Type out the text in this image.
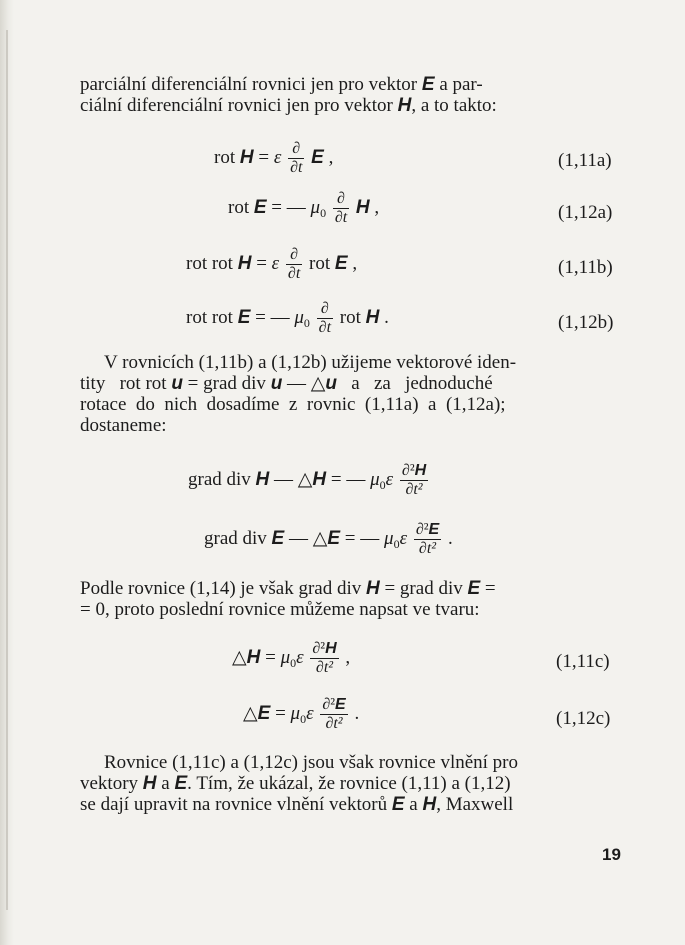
parciální diferenciální rovnici jen pro vektor E a par-
ciální diferenciální rovnici jen pro vektor H, a to takto:
rot H = ε $\frac{\partial}{\partial t}$ E ,	(1,11a)
rot E = — $\mu_0 \frac{\partial}{\partial t}$ H ,	(1,12a)
rot rot H = ε $\frac{\partial}{\partial t}$ rot E ,	(1,11b)
rot rot E = — $\mu_0 \frac{\partial}{\partial t}$ rot H .	(1,12b)
V rovnicích (1,11b) a (1,12b) užijeme vektorové iden-
tity   rot rot u = grad div u — △u   a   za   jednoduché
rotace  do  nich  dosadíme  z  rovnic  (1,11a)  a  (1,12a);
dostaneme:
grad div H — △H = — $\mu_0\varepsilon \frac{\text{∂²H}}{\text{∂t²}}$
grad div E — △E = — $\mu_0\varepsilon \frac{\text{∂²E}}{\text{∂t²}}$ .
Podle rovnice (1,14) je však grad div H = grad div E =
= 0, proto poslední rovnice můžeme napsat ve tvaru:
△H = $\mu_0\varepsilon \frac{\text{∂²H}}{\text{∂t²}}$ ,	(1,11c)
△E = $\mu_0\varepsilon \frac{\text{∂²E}}{\text{∂t²}}$ .	(1,12c)
Rovnice (1,11c) a (1,12c) jsou však rovnice vlnění pro
vektory H a E. Tím, že ukázal, že rovnice (1,11) a (1,12)
se dají upravit na rovnice vlnění vektorů E a H, Maxwell
19
